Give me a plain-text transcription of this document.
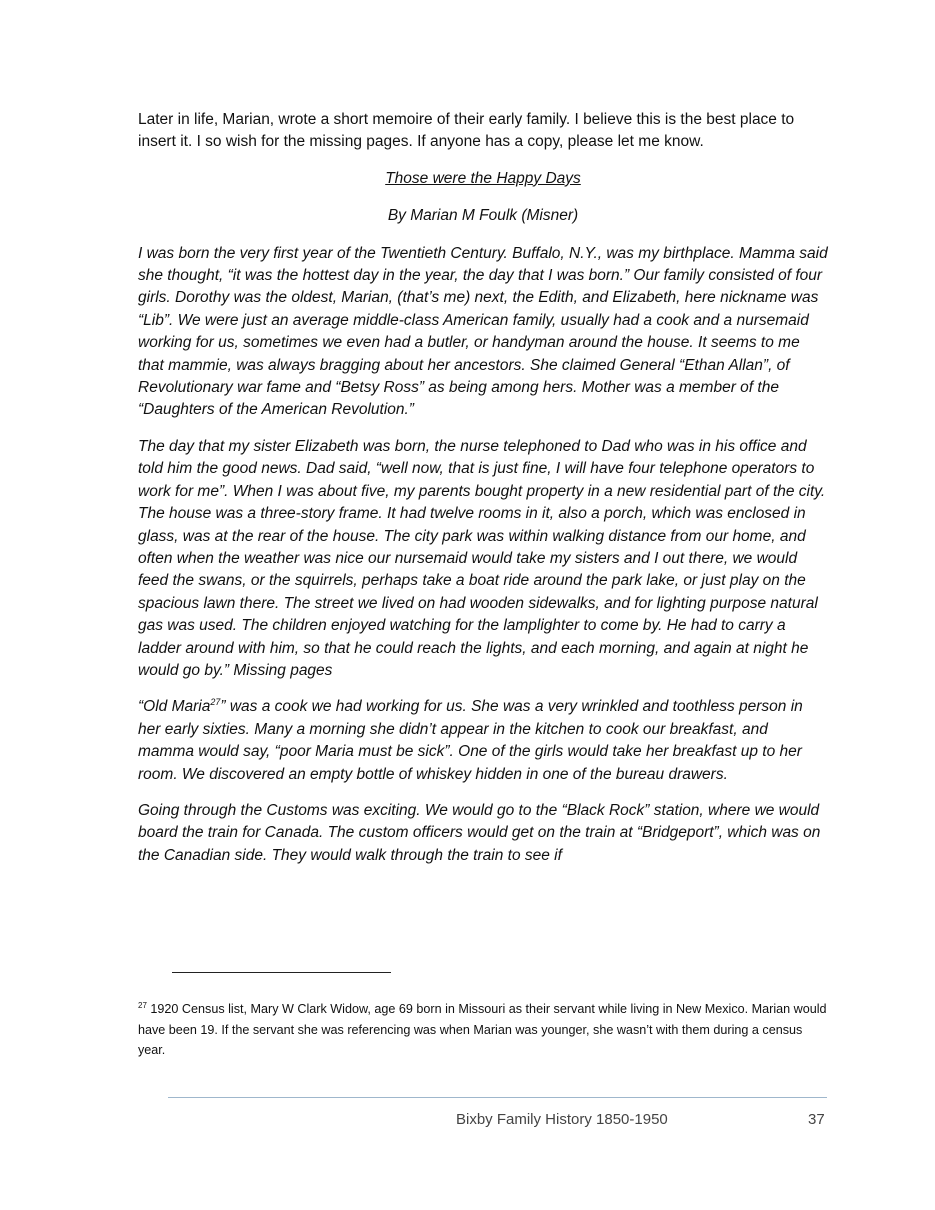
Later in life, Marian, wrote a short memoire of their early family. I believe this is the best place to insert it. I so wish for the missing pages. If anyone has a copy, please let me know.

Those were the Happy Days

By Marian M Foulk (Misner)

I was born the very first year of the Twentieth Century. Buffalo, N.Y., was my birthplace. Mamma said she thought, “it was the hottest day in the year, the day that I was born.” Our family consisted of four girls. Dorothy was the oldest, Marian, (that’s me) next, the Edith, and Elizabeth, here nickname was “Lib”. We were just an average middle-class American family, usually had a cook and a nursemaid working for us, sometimes we even had a butler, or handyman around the house. It seems to me that mammie, was always bragging about her ancestors. She claimed General “Ethan Allan”, of Revolutionary war fame and “Betsy Ross” as being among hers. Mother was a member of the “Daughters of the American Revolution.”

The day that my sister Elizabeth was born, the nurse telephoned to Dad who was in his office and told him the good news. Dad said, “well now, that is just fine, I will have four telephone operators to work for me”. When I was about five, my parents bought property in a new residential part of the city. The house was a three-story frame. It had twelve rooms in it, also a porch, which was enclosed in glass, was at the rear of the house. The city park was within walking distance from our home, and often when the weather was nice our nursemaid would take my sisters and I out there, we would feed the swans, or the squirrels, perhaps take a boat ride around the park lake, or just play on the spacious lawn there. The street we lived on had wooden sidewalks, and for lighting purpose natural gas was used. The children enjoyed watching for the lamplighter to come by. He had to carry a ladder around with him, so that he could reach the lights, and each morning, and again at night he would go by.” Missing pages

“Old Maria$^{27}$” was a cook we had working for us. She was a very wrinkled and toothless person in her early sixties. Many a morning she didn’t appear in the kitchen to cook our breakfast, and mamma would say, “poor Maria must be sick”. One of the girls would take her breakfast up to her room. We discovered an empty bottle of whiskey hidden in one of the bureau drawers.

Going through the Customs was exciting. We would go to the “Black Rock” station, where we would board the train for Canada. The custom officers would get on the train at “Bridgeport”, which was on the Canadian side. They would walk through the train to see if

$^{27}$ 1920 Census list, Mary W Clark Widow, age 69 born in Missouri as their servant while living in New Mexico. Marian would have been 19. If the servant she was referencing was when Marian was younger, she wasn’t with them during a census year.
Bixby Family History 1850-1950	37
